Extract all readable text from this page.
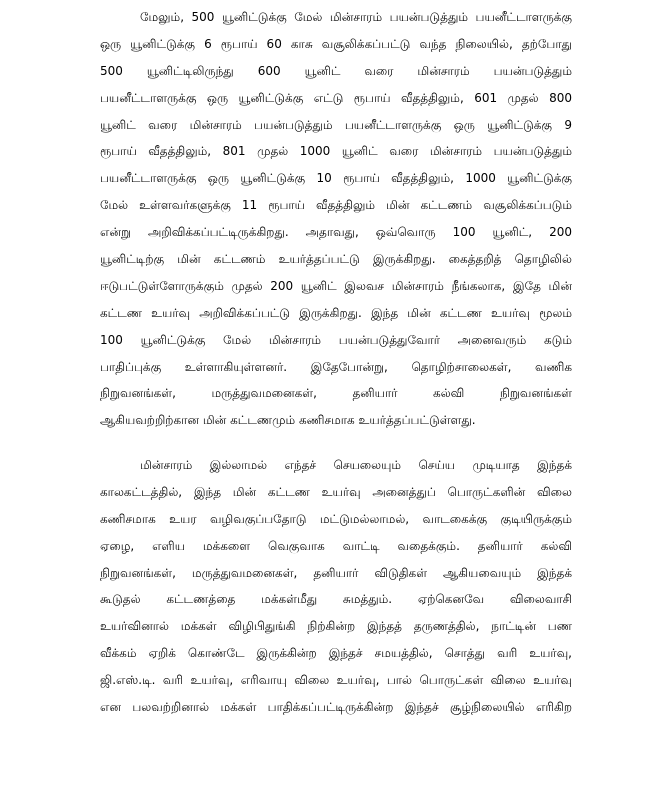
மேலும், 500 யூனிட்டுக்கு மேல் மின்சாரம் பயன்படுத்தும் பயனீட்டாளருக்கு
ஒரு யூனிட்டுக்கு 6 ரூபாய் 60 காசு வசூலிக்கப்பட்டு வந்த நிலையில், தற்போது
500 யூனிட்டிலிருந்து 600 யூனிட் வரை மின்சாரம் பயன்படுத்தும்
பயனீட்டாளருக்கு ஒரு யூனிட்டுக்கு எட்டு ரூபாய் வீதத்திலும், 601 முதல் 800
யூனிட் வரை மின்சாரம் பயன்படுத்தும் பயனீட்டாளருக்கு ஒரு யூனிட்டுக்கு 9
ரூபாய் வீதத்திலும், 801 முதல் 1000 யூனிட் வரை மின்சாரம் பயன்படுத்தும்
பயனீட்டாளருக்கு ஒரு யூனிட்டுக்கு 10 ரூபாய் வீதத்திலும், 1000 யூனிட்டுக்கு
மேல் உள்ளவர்களுக்கு 11 ரூபாய் வீதத்திலும் மின் கட்டணம் வசூலிக்கப்படும்
என்று அறிவிக்கப்பட்டிருக்கிறது. அதாவது, ஒவ்வொரு 100 யூனிட், 200
யூனிட்டிற்கு மின் கட்டணம் உயர்த்தப்பட்டு இருக்கிறது. கைத்தறித் தொழிலில்
ஈடுபட்டுள்ளோருக்கும் முதல் 200 யூனிட் இலவச மின்சாரம் நீங்கலாக, இதே மின்
கட்டண உயர்வு அறிவிக்கப்பட்டு இருக்கிறது. இந்த மின் கட்டண உயர்வு மூலம்
100 யூனிட்டுக்கு மேல் மின்சாரம் பயன்படுத்துவோர் அனைவரும் கடும்
பாதிப்புக்கு உள்ளாகியுள்ளனர். இதேபோன்று, தொழிற்சாலைகள், வணிக
நிறுவனங்கள், மருத்துவமனைகள், தனியார் கல்வி நிறுவனங்கள்
ஆகியவற்றிற்கான மின் கட்டணமும் கணிசமாக உயர்த்தப்பட்டுள்ளது.
மின்சாரம் இல்லாமல் எந்தச் செயலையும் செய்ய முடியாத இந்தக்
காலகட்டத்தில், இந்த மின் கட்டண உயர்வு அனைத்துப் பொருட்களின் விலை
கணிசமாக உயர வழிவகுப்பதோடு மட்டுமல்லாமல், வாடகைக்கு குடியிருக்கும்
ஏழை, எளிய மக்களை வெகுவாக வாட்டி வதைக்கும். தனியார் கல்வி
நிறுவனங்கள், மருத்துவமனைகள், தனியார் விடுதிகள் ஆகியவையும் இந்தக்
கூடுதல் கட்டணத்தை மக்கள்மீது சுமத்தும். ஏற்கெனவே விலைவாசி
உயர்வினால் மக்கள் விழிபிதுங்கி நிற்கின்ற இந்தத் தருணத்தில், நாட்டின் பண
வீக்கம் ஏறிக் கொண்டே இருக்கின்ற இந்தச் சமயத்தில், சொத்து வரி உயர்வு,
ஜி.எஸ்.டி. வரி உயர்வு, எரிவாயு விலை உயர்வு, பால் பொருட்கள் விலை உயர்வு
என பலவற்றினால் மக்கள் பாதிக்கப்பட்டிருக்கின்ற இந்தச் சூழ்நிலையில் எரிகிற
